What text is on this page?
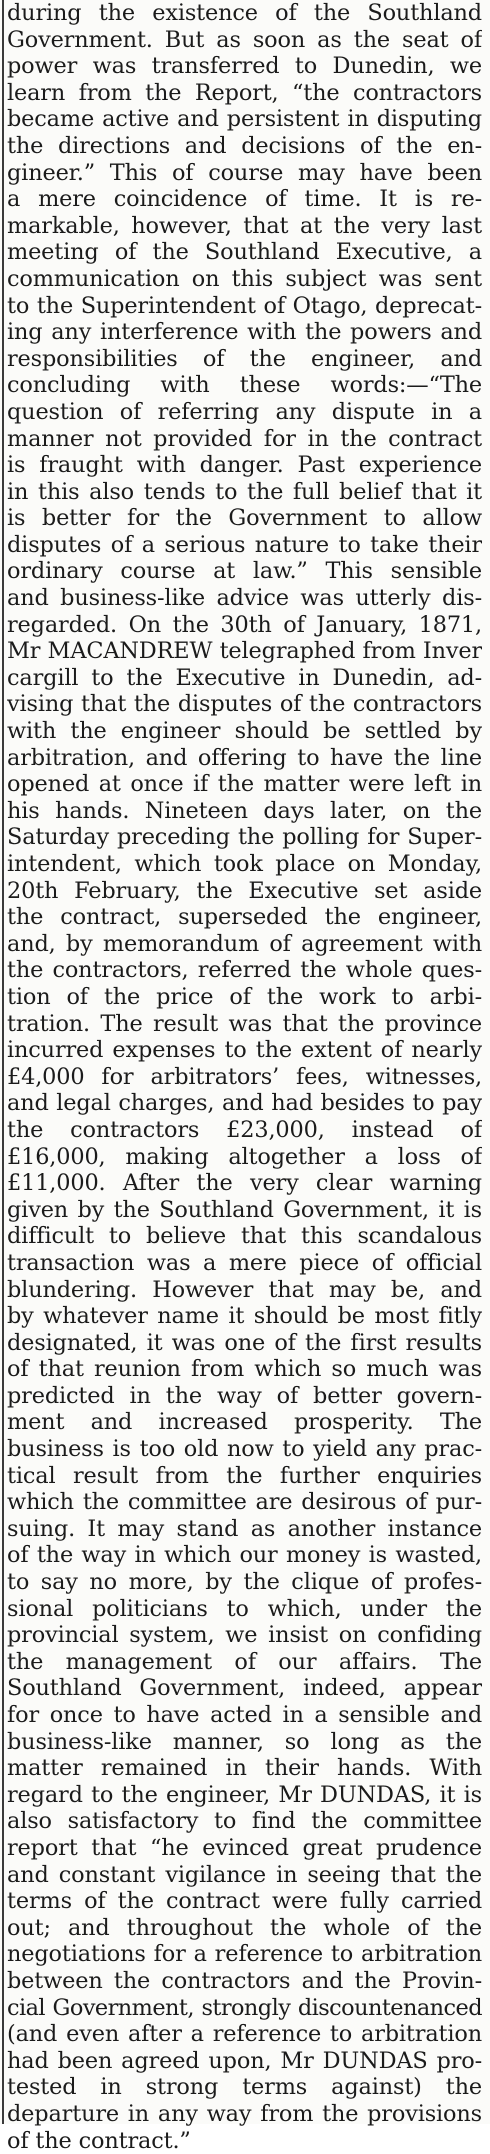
during the existence of the Southland
Government. But as soon as the seat of
power was transferred to Dunedin, we
learn from the Report, “the contractors
became active and persistent in disputing
the directions and decisions of the en-
gineer.” This of course may have been
a mere coincidence of time. It is re-
markable, however, that at the very last
meeting of the Southland Executive, a
communication on this subject was sent
to the Superintendent of Otago, deprecat-
ing any interference with the powers and
responsibilities of the engineer, and
concluding with these words:—“The
question of referring any dispute in a
manner not provided for in the contract
is fraught with danger. Past experience
in this also tends to the full belief that it
is better for the Government to allow
disputes of a serious nature to take their
ordinary course at law.” This sensible
and business-like advice was utterly dis-
regarded. On the 30th of January, 1871,
Mr MACANDREW telegraphed from Inver
cargill to the Executive in Dunedin, ad-
vising that the disputes of the contractors
with the engineer should be settled by
arbitration, and offering to have the line
opened at once if the matter were left in
his hands. Nineteen days later, on the
Saturday preceding the polling for Super-
intendent, which took place on Monday,
20th February, the Executive set aside
the contract, superseded the engineer,
and, by memorandum of agreement with
the contractors, referred the whole ques-
tion of the price of the work to arbi-
tration. The result was that the province
incurred expenses to the extent of nearly
£4,000 for arbitrators’ fees, witnesses,
and legal charges, and had besides to pay
the contractors £23,000, instead of
£16,000, making altogether a loss of
£11,000. After the very clear warning
given by the Southland Government, it is
difficult to believe that this scandalous
transaction was a mere piece of official
blundering. However that may be, and
by whatever name it should be most fitly
designated, it was one of the first results
of that reunion from which so much was
predicted in the way of better govern-
ment and increased prosperity. The
business is too old now to yield any prac-
tical result from the further enquiries
which the committee are desirous of pur-
suing. It may stand as another instance
of the way in which our money is wasted,
to say no more, by the clique of profes-
sional politicians to which, under the
provincial system, we insist on confiding
the management of our affairs. The
Southland Government, indeed, appear
for once to have acted in a sensible and
business-like manner, so long as the
matter remained in their hands. With
regard to the engineer, Mr DUNDAS, it is
also satisfactory to find the committee
report that “he evinced great prudence
and constant vigilance in seeing that the
terms of the contract were fully carried
out; and throughout the whole of the
negotiations for a reference to arbitration
between the contractors and the Provin-
cial Government, strongly discountenanced
(and even after a reference to arbitration
had been agreed upon, Mr DUNDAS pro-
tested in strong terms against) the
departure in any way from the provisions
of the contract.”
